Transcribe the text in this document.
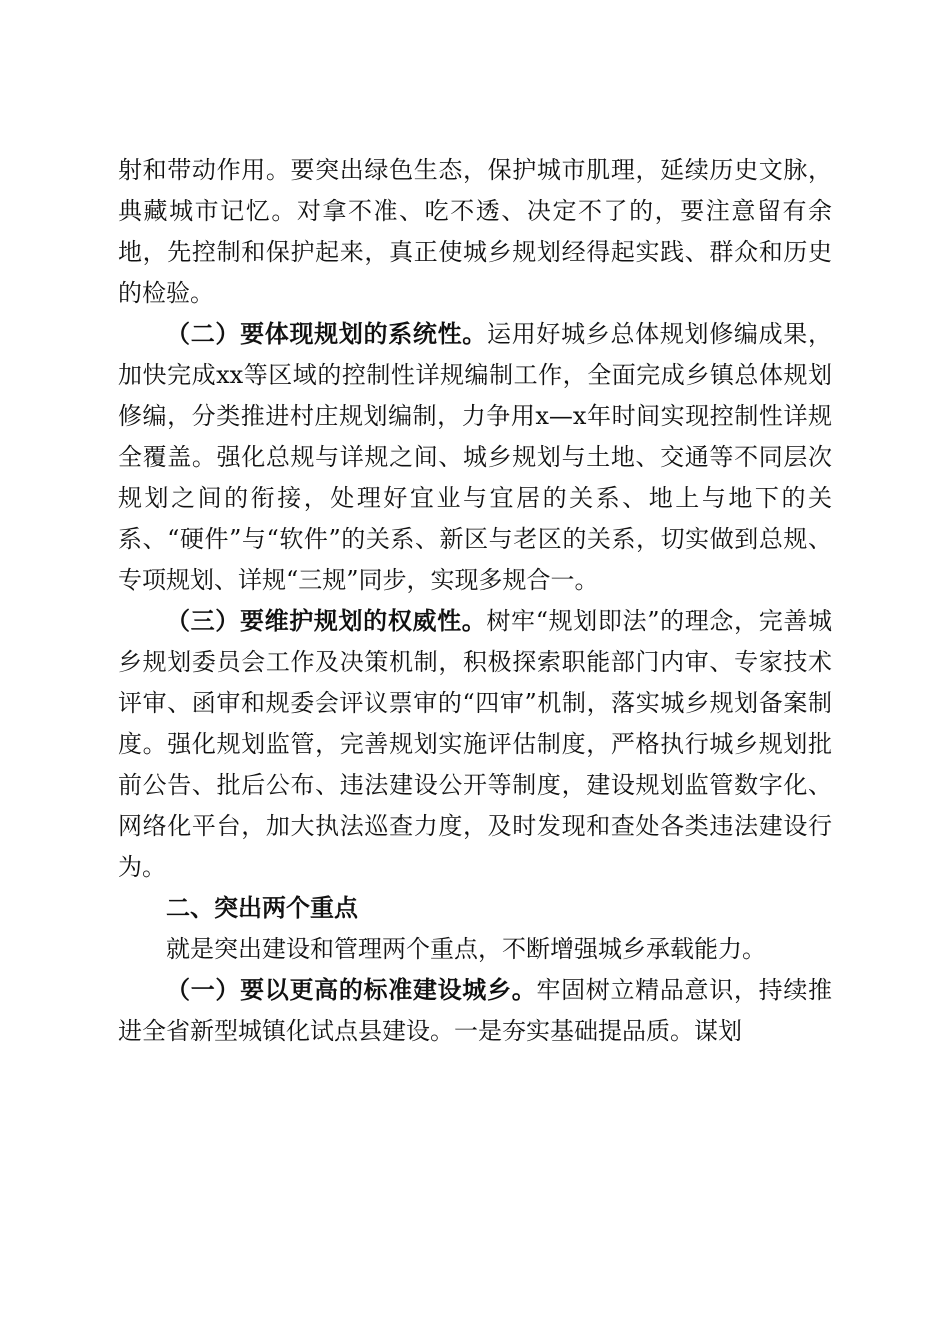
射和带动作用。要突出绿色生态，保护城市肌理，延续历史文脉，典藏城市记忆。对拿不准、吃不透、决定不了的，要注意留有余地，先控制和保护起来，真正使城乡规划经得起实践、群众和历史的检验。

（二）要体现规划的系统性。运用好城乡总体规划修编成果，加快完成xx等区域的控制性详规编制工作，全面完成乡镇总体规划修编，分类推进村庄规划编制，力争用x—x年时间实现控制性详规全覆盖。强化总规与详规之间、城乡规划与土地、交通等不同层次规划之间的衔接，处理好宜业与宜居的关系、地上与地下的关系、“硬件”与“软件”的关系、新区与老区的关系，切实做到总规、专项规划、详规“三规”同步，实现多规合一。

（三）要维护规划的权威性。树牢“规划即法”的理念，完善城乡规划委员会工作及决策机制，积极探索职能部门内审、专家技术评审、函审和规委会评议票审的“四审”机制，落实城乡规划备案制度。强化规划监管，完善规划实施评估制度，严格执行城乡规划批前公告、批后公布、违法建设公开等制度，建设规划监管数字化、网络化平台，加大执法巡查力度，及时发现和查处各类违法建设行为。

二、突出两个重点

就是突出建设和管理两个重点，不断增强城乡承载能力。

（一）要以更高的标准建设城乡。牢固树立精品意识，持续推进全省新型城镇化试点县建设。一是夯实基础提品质。谋划
